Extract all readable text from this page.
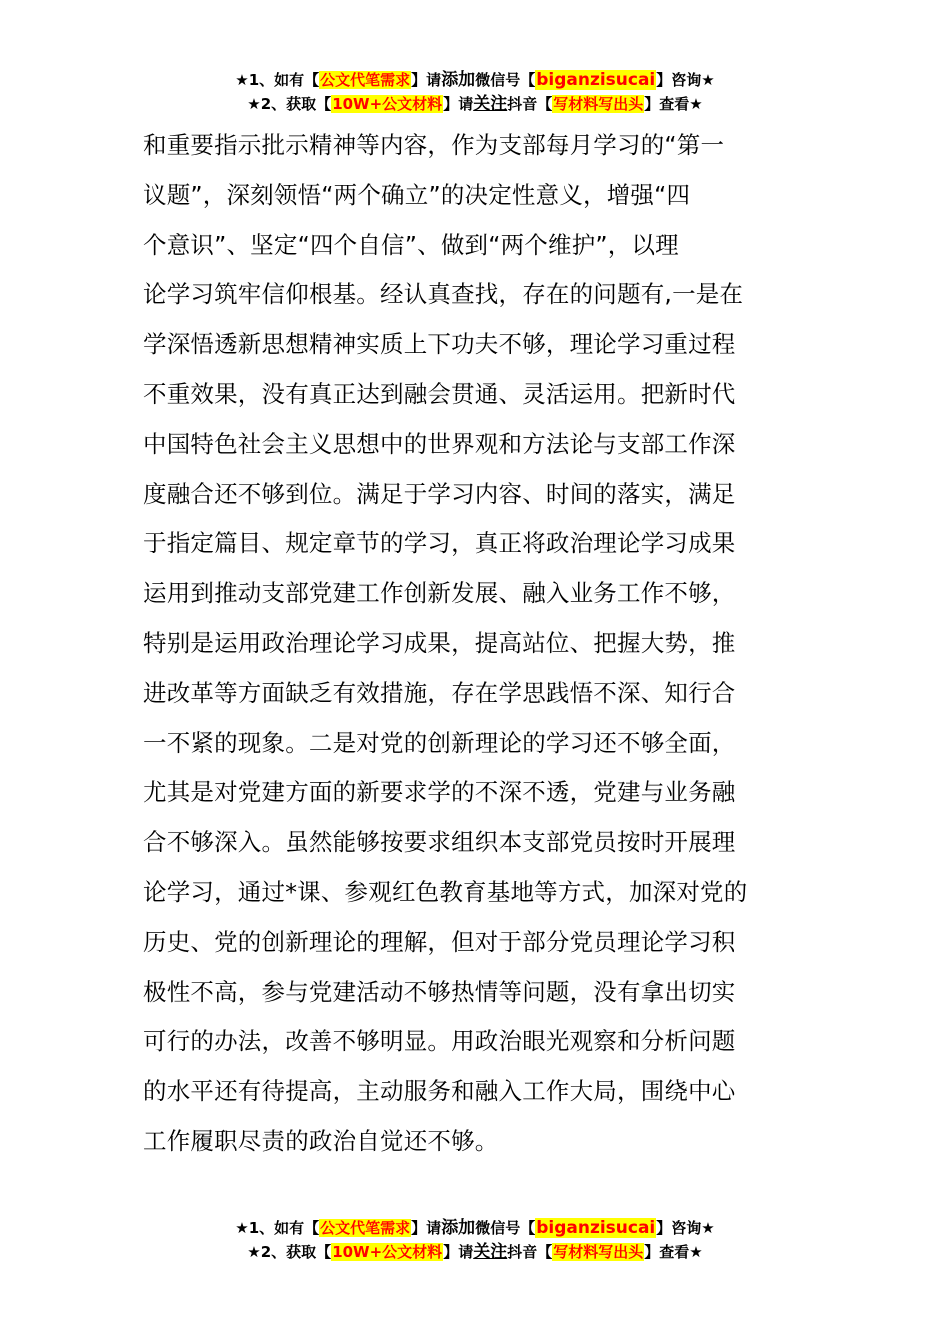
★1、如有【公文代笔需求】请添加微信号【biganzisucai】咨询★
★2、获取【10W+公文材料】请关注抖音【写材料写出头】查看★
和重要指示批示精神等内容，作为支部每月学习的“第一
议题”，深刻领悟“两个确立”的决定性意义，增强“四
个意识”、坚定“四个自信”、做到“两个维护”，以理
论学习筑牢信仰根基。经认真查找，存在的问题有,一是在
学深悟透新思想精神实质上下功夫不够，理论学习重过程
不重效果，没有真正达到融会贯通、灵活运用。把新时代
中国特色社会主义思想中的世界观和方法论与支部工作深
度融合还不够到位。满足于学习内容、时间的落实，满足
于指定篇目、规定章节的学习，真正将政治理论学习成果
运用到推动支部党建工作创新发展、融入业务工作不够，
特别是运用政治理论学习成果，提高站位、把握大势，推
进改革等方面缺乏有效措施，存在学思践悟不深、知行合
一不紧的现象。二是对党的创新理论的学习还不够全面，
尤其是对党建方面的新要求学的不深不透，党建与业务融
合不够深入。虽然能够按要求组织本支部党员按时开展理
论学习，通过*课、参观红色教育基地等方式，加深对党的
历史、党的创新理论的理解，但对于部分党员理论学习积
极性不高，参与党建活动不够热情等问题，没有拿出切实
可行的办法，改善不够明显。用政治眼光观察和分析问题
的水平还有待提高，主动服务和融入工作大局，围绕中心
工作履职尽责的政治自觉还不够。
★1、如有【公文代笔需求】请添加微信号【biganzisucai】咨询★
★2、获取【10W+公文材料】请关注抖音【写材料写出头】查看★
